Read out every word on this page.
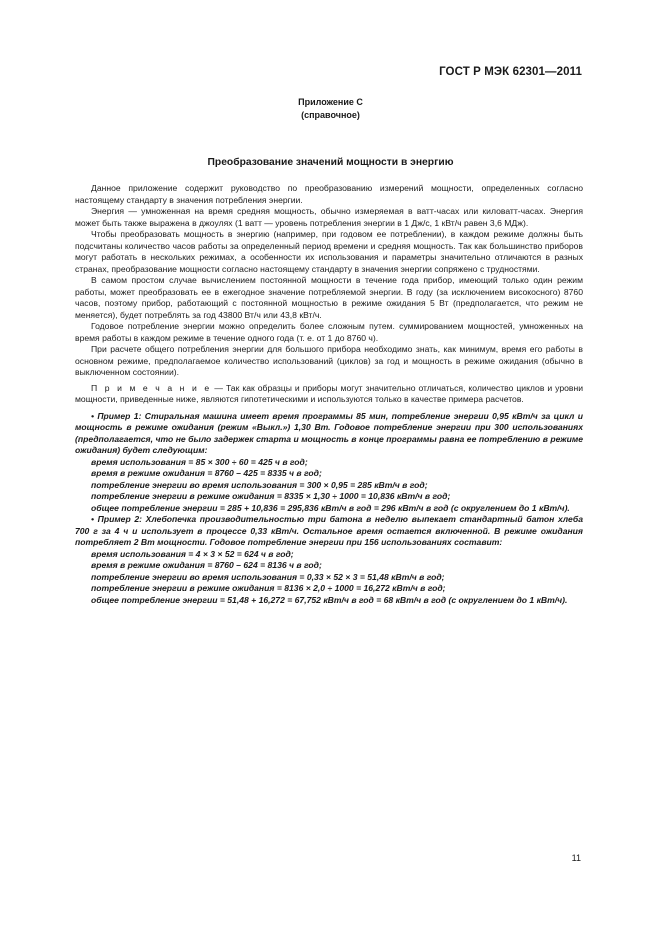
ГОСТ Р МЭК 62301—2011
Приложение С
(справочное)
Преобразование значений мощности в энергию

Данное приложение содержит руководство по преобразованию измерений мощности, определенных согласно настоящему стандарту в значения потребления энергии.

Энергия — умноженная на время средняя мощность, обычно измеряемая в ватт-часах или киловатт-часах. Энергия может быть также выражена в джоулях (1 ватт — уровень потребления энергии в 1 Дж/с, 1 кВт/ч равен 3,6 МДж).

Чтобы преобразовать мощность в энергию (например, при годовом ее потреблении), в каждом режиме должны быть подсчитаны количество часов работы за определенный период времени и средняя мощность. Так как большинство приборов могут работать в нескольких режимах, а особенности их использования и параметры значительно отличаются в разных странах, преобразование мощности согласно настоящему стандарту в значения энергии сопряжено с трудностями.

В самом простом случае вычислением постоянной мощности в течение года прибор, имеющий только один режим работы, может преобразовать ее в ежегодное значение потребляемой энергии. В году (за исключением високосного) 8760 часов, поэтому прибор, работающий с постоянной мощностью в режиме ожидания 5 Вт (предполагается, что режим не меняется), будет потреблять за год 43800 Вт/ч или 43,8 кВт/ч.

Годовое потребление энергии можно определить более сложным путем. суммированием мощностей, умноженных на время работы в каждом режиме в течение одного года (т. е. от 1 до 8760 ч).

При расчете общего потребления энергии для большого прибора необходимо знать, как минимум, время его работы в основном режиме, предполагаемое количество использований (циклов) за год и мощность в режиме ожидания (обычно в выключенном состоянии).

П р и м е ч а н и е — Так как образцы и приборы могут значительно отличаться, количество циклов и уровни мощности, приведенные ниже, являются гипотетическими и используются только в качестве примера расчетов.

• Пример 1: Стиральная машина имеет время программы 85 мин, потребление энергии 0,95 кВт/ч за цикл и мощность в режиме ожидания (режим «Выкл.») 1,30 Вт. Годовое потребление энергии при 300 использованиях (предполагается, что не было задержек старта и мощность в конце программы равна ее потреблению в режиме ожидания) будет следующим:

время использования = 85 × 300 ÷ 60 = 425 ч в год;

время в режиме ожидания = 8760 – 425 = 8335 ч в год;

потребление энергии во время использования = 300 × 0,95 = 285 кВт/ч в год;

потребление энергии в режиме ожидания = 8335 × 1,30 ÷ 1000 = 10,836 кВт/ч в год;

общее потребление энергии = 285 + 10,836 = 295,836 кВт/ч в год = 296 кВт/ч в год (с округлением до 1 кВт/ч).

• Пример 2: Хлебопечка производительностью три батона в неделю выпекает стандартный батон хлеба 700 г за 4 ч и использует в процессе 0,33 кВт/ч. Остальное время остается включенной. В режиме ожидания потребляет 2 Вт мощности. Годовое потребление энергии при 156 использованиях составит:

время использования = 4 × 3 × 52 = 624 ч в год;

время в режиме ожидания = 8760 – 624 = 8136 ч в год;

потребление энергии во время использования = 0,33 × 52 × 3 = 51,48 кВт/ч в год;

потребление энергии в режиме ожидания = 8136 × 2,0 ÷ 1000 = 16,272 кВт/ч в год;

общее потребление энергии = 51,48 + 16,272 = 67,752 кВт/ч в год = 68 кВт/ч в год (с округлением до 1 кВт/ч).

11
